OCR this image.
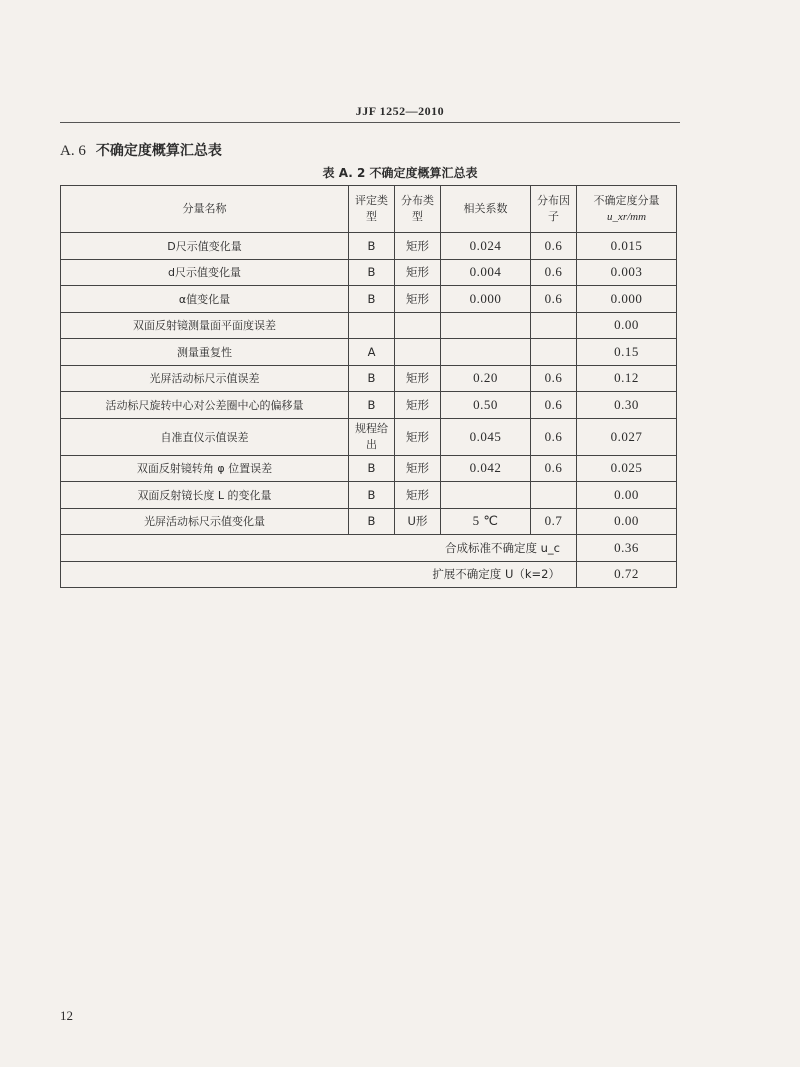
JJF 1252—2010
A. 6 不确定度概算汇总表
表 A. 2 不确定度概算汇总表
分量名称	评定类型	分布类型	相关系数	分布因子	不确定度分量
u_xr/mm

D尺示值变化量	B	矩形	0.024	0.6	0.015
d尺示值变化量	B	矩形	0.004	0.6	0.003
α值变化量	B	矩形	0.000	0.6	0.000
双面反射镜测量面平面度误差					0.00
测量重复性	A				0.15
光屏活动标尺示值误差	B	矩形	0.20	0.6	0.12
活动标尺旋转中心对公差圈中心的偏移量	B	矩形	0.50	0.6	0.30
自准直仪示值误差	规程给出	矩形	0.045	0.6	0.027
双面反射镜转角 φ 位置误差	B	矩形	0.042	0.6	0.025
双面反射镜长度 L 的变化量	B	矩形			0.00
光屏活动标尺示值变化量	B	U形	5 ℃	0.7	0.00
合成标准不确定度 u_c					0.36
扩展不确定度 U（k=2）					0.72
12
